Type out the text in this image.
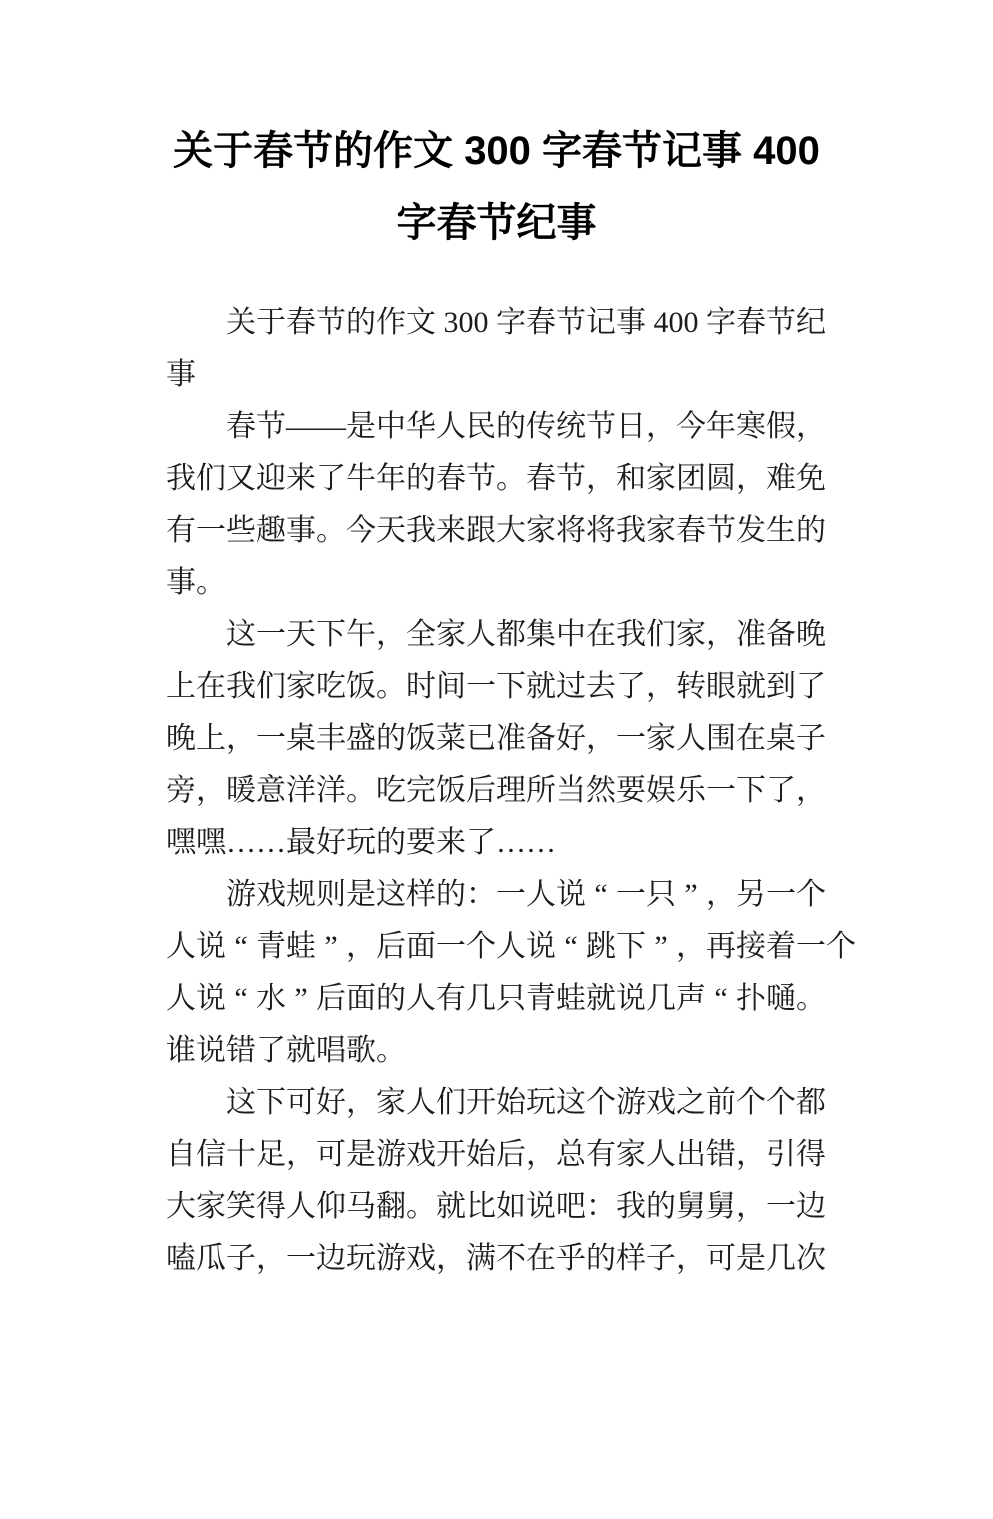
关于春节的作文 300 字春节记事 400
字春节纪事
　　关于春节的作文 300 字春节记事 400 字春节纪
事
　　春节——是中华人民的传统节日，今年寒假，
我们又迎来了牛年的春节。春节，和家团圆，难免
有一些趣事。今天我来跟大家将将我家春节发生的
事。
　　这一天下午，全家人都集中在我们家，准备晚
上在我们家吃饭。时间一下就过去了，转眼就到了
晚上，一桌丰盛的饭菜已准备好，一家人围在桌子
旁，暖意洋洋。吃完饭后理所当然要娱乐一下了，
嘿嘿……最好玩的要来了……
　　游戏规则是这样的：一人说 “ 一只 ” ，另一个
人说 “ 青蛙 ” ，后面一个人说 “ 跳下 ” ，再接着一个
人说 “ 水 ” 后面的人有几只青蛙就说几声 “ 扑嗵。
谁说错了就唱歌。
　　这下可好，家人们开始玩这个游戏之前个个都
自信十足，可是游戏开始后，总有家人出错，引得
大家笑得人仰马翻。就比如说吧：我的舅舅，一边
嗑瓜子，一边玩游戏，满不在乎的样子，可是几次
